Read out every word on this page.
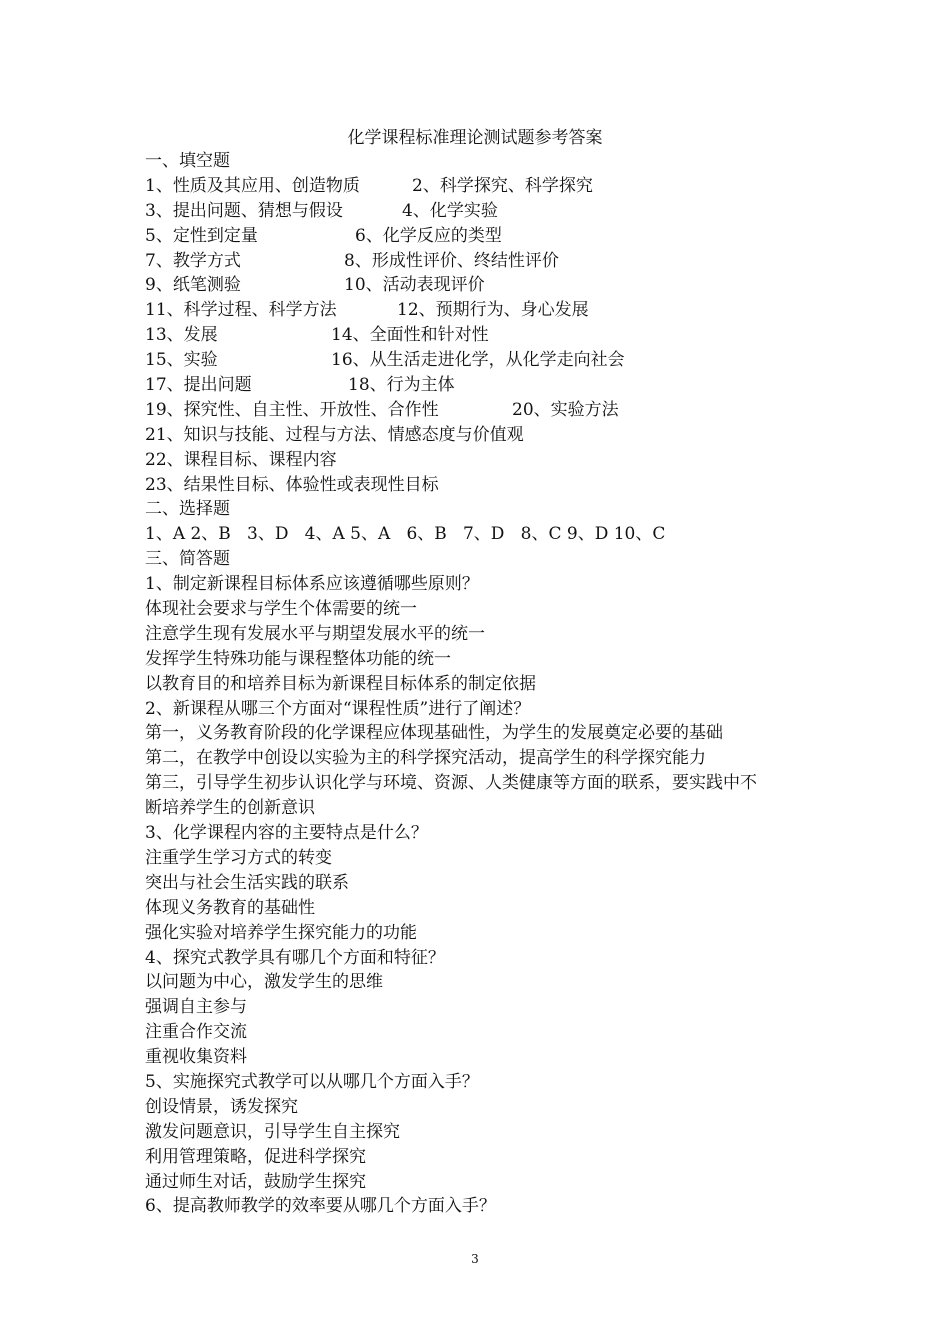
化学课程标准理论测试题参考答案
一、填空题
1、性质及其应用、创造物质	2、科学探究、科学探究
3、提出问题、猜想与假设	4、化学实验
5、定性到定量	6、化学反应的类型
7、教学方式	8、形成性评价、终结性评价
9、纸笔测验	10、活动表现评价
11、科学过程、科学方法	12、预期行为、身心发展
13、发展	14、全面性和针对性
15、实验	16、从生活走进化学，从化学走向社会
17、提出问题	18、行为主体
19、探究性、自主性、开放性、合作性	20、实验方法
21、知识与技能、过程与方法、情感态度与价值观
22、课程目标、课程内容
23、结果性目标、体验性或表现性目标
二、选择题
1、A 2、B   3、D   4、A 5、A   6、B   7、D   8、C 9、D 10、C
三、简答题
1、制定新课程目标体系应该遵循哪些原则？
体现社会要求与学生个体需要的统一
注意学生现有发展水平与期望发展水平的统一
发挥学生特殊功能与课程整体功能的统一
以教育目的和培养目标为新课程目标体系的制定依据
2、新课程从哪三个方面对“课程性质”进行了阐述？
第一，义务教育阶段的化学课程应体现基础性，为学生的发展奠定必要的基础
第二，在教学中创设以实验为主的科学探究活动，提高学生的科学探究能力
第三，引导学生初步认识化学与环境、资源、人类健康等方面的联系，要实践中不
断培养学生的创新意识
3、化学课程内容的主要特点是什么？
注重学生学习方式的转变
突出与社会生活实践的联系
体现义务教育的基础性
强化实验对培养学生探究能力的功能
4、探究式教学具有哪几个方面和特征？
以问题为中心，激发学生的思维
强调自主参与
注重合作交流
重视收集资料
5、实施探究式教学可以从哪几个方面入手？
创设情景，诱发探究
激发问题意识，引导学生自主探究
利用管理策略，促进科学探究
通过师生对话，鼓励学生探究
6、提高教师教学的效率要从哪几个方面入手？
3
